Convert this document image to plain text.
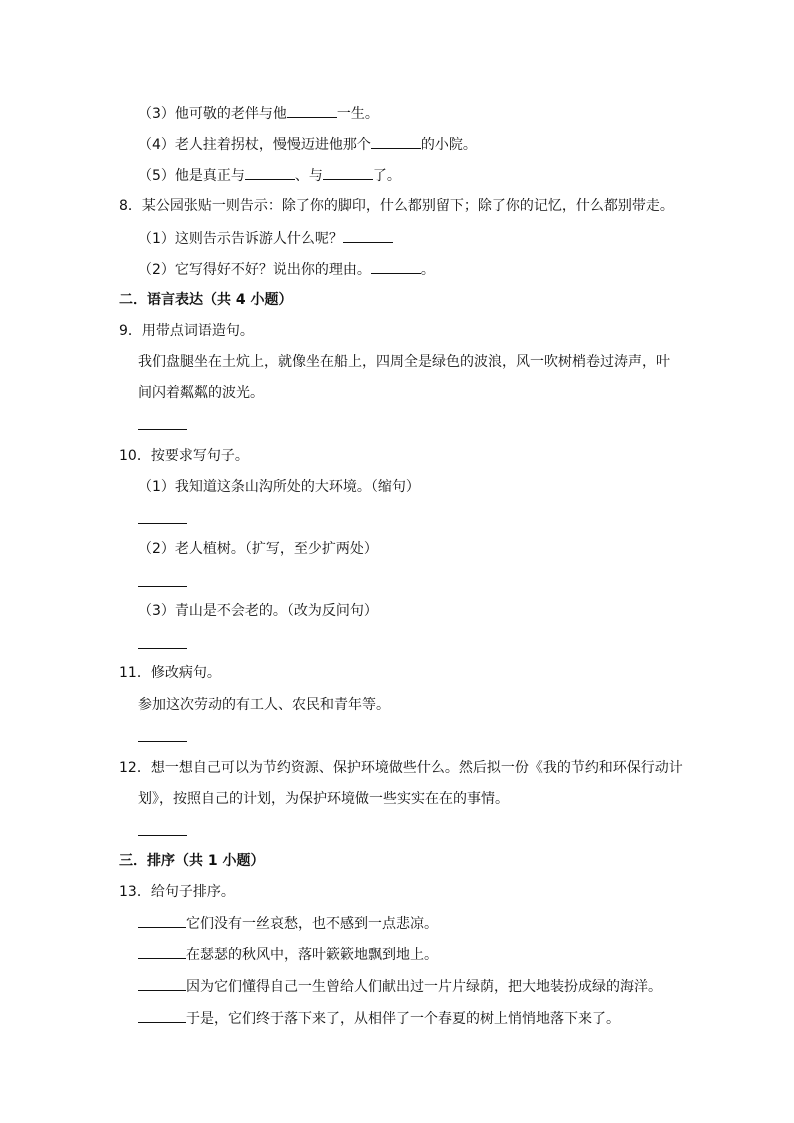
（3）他可敬的老伴与他	一生。
（4）老人拄着拐杖，慢慢迈进他那个	的小院。
（5）他是真正与	、与	了。
8．某公园张贴一则告示：除了你的脚印，什么都别留下；除了你的记忆，什么都别带走。
（1）这则告示告诉游人什么呢？
（2）它写得好不好？说出你的理由。	。
二．语言表达（共 4 小题）
9．用带点词语造句。
我们盘腿坐在土炕上，就像坐在船上，四周全是绿色的波浪，风一吹树梢卷过涛声，叶
间闪着粼粼的波光。
10．按要求写句子。
（1）我知道这条山沟所处的大环境。（缩句）
（2）老人植树。（扩写，至少扩两处）
（3）青山是不会老的。（改为反问句）
11．修改病句。
参加这次劳动的有工人、农民和青年等。
12．想一想自己可以为节约资源、保护环境做些什么。然后拟一份《我的节约和环保行动计
划》，按照自己的计划，为保护环境做一些实实在在的事情。
三．排序（共 1 小题）
13．给句子排序。
它们没有一丝哀愁，也不感到一点悲凉。
在瑟瑟的秋风中，落叶簌簌地飘到地上。
因为它们懂得自己一生曾给人们献出过一片片绿荫，把大地装扮成绿的海洋。
于是，它们终于落下来了，从相伴了一个春夏的树上悄悄地落下来了。
